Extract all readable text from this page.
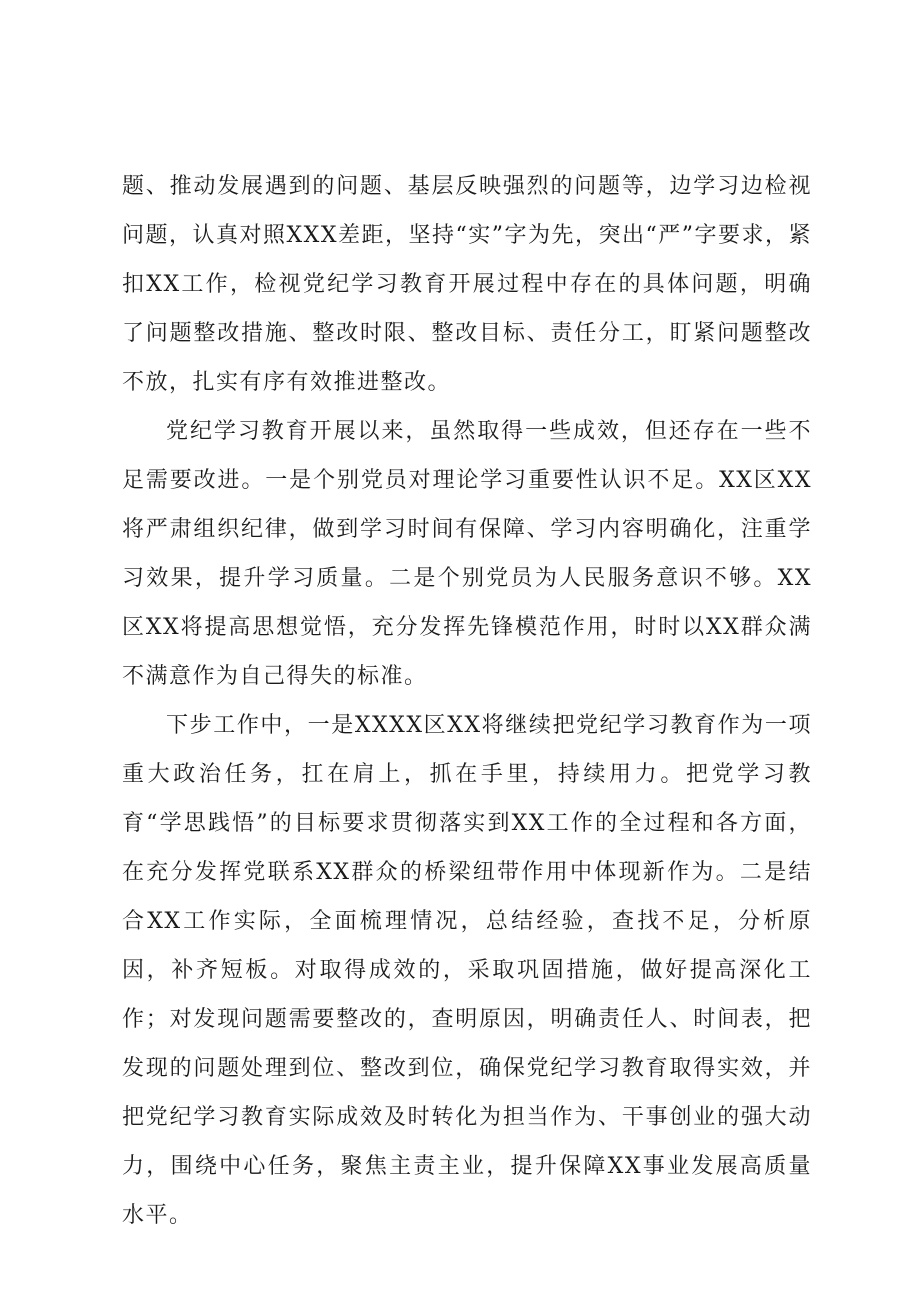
题、推动发展遇到的问题、基层反映强烈的问题等，边学习边检视问题，认真对照XXX差距，坚持“实”字为先，突出“严”字要求，紧扣XX工作，检视党纪学习教育开展过程中存在的具体问题，明确了问题整改措施、整改时限、整改目标、责任分工，盯紧问题整改不放，扎实有序有效推进整改。

党纪学习教育开展以来，虽然取得一些成效，但还存在一些不足需要改进。一是个别党员对理论学习重要性认识不足。XX区XX将严肃组织纪律，做到学习时间有保障、学习内容明确化，注重学习效果，提升学习质量。二是个别党员为人民服务意识不够。XX区XX将提高思想觉悟，充分发挥先锋模范作用，时时以XX群众满不满意作为自己得失的标准。

下步工作中，一是XXXX区XX将继续把党纪学习教育作为一项重大政治任务，扛在肩上，抓在手里，持续用力。把党学习教育“学思践悟”的目标要求贯彻落实到XX工作的全过程和各方面，在充分发挥党联系XX群众的桥梁纽带作用中体现新作为。二是结合XX工作实际，全面梳理情况，总结经验，查找不足，分析原因，补齐短板。对取得成效的，采取巩固措施，做好提高深化工作；对发现问题需要整改的，查明原因，明确责任人、时间表，把发现的问题处理到位、整改到位，确保党纪学习教育取得实效，并把党纪学习教育实际成效及时转化为担当作为、干事创业的强大动力，围绕中心任务，聚焦主责主业，提升保障XX事业发展高质量水平。
